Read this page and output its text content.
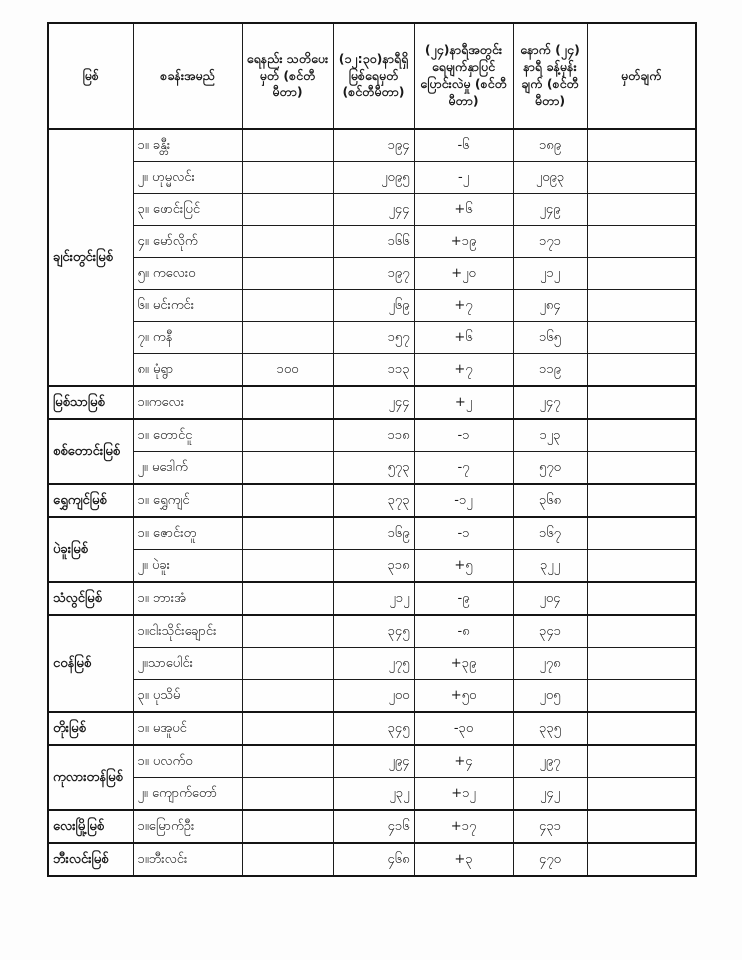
မြစ်	စခန်းအမည်	ရေနည်း သတိပေးမှတ် (စင်တီမီတာ)	(၁၂:၃၀)နာရီရှိ မြစ်ရေမှတ် (စင်တီမီတာ)	(၂၄)နာရီအတွင်း ရေမျက်နှာပြင် ပြောင်းလဲမှု (စင်တီမီတာ)	နောက် (၂၄) နာရီ ခန့်မှန်းချက် (စင်တီမီတာ)	မှတ်ချက်
ချင်းတွင်းမြစ်	၁။ ခန္တီး		၁၉၄	-၆	၁၈၉	
	၂။ ဟုမ္မလင်း		၂၀၉၅	-၂	၂၀၉၃	
	၃။ ဖောင်းပြင်		၂၄၄	+၆	၂၄၉	
	၄။ မော်လိုက်		၁၆၆	+၁၉	၁၇၁	
	၅။ ကလေးဝ		၁၉၇	+၂၀	၂၁၂	
	၆။ မင်းကင်း		၂၆၉	+၇	၂၈၄	
	၇။ ကနီ		၁၅၇	+၆	၁၆၅	
	၈။ မုံရွာ	၁၀၀	၁၁၃	+၇	၁၁၉	
မြစ်သာမြစ်	၁။ကလေး		၂၄၄	+၂	၂၄၇	
စစ်တောင်းမြစ်	၁။ တောင်ငူ		၁၁၈	-၁	၁၂၃	
	၂။ မဒေါက်		၅၇၃	-၇	၅၇၀	
ရွှေကျင်မြစ်	၁။ ရွှေကျင်		၃၇၃	-၁၂	၃၆၈	
ပဲခူးမြစ်	၁။ ဇောင်းတူ		၁၆၉	-၁	၁၆၇	
	၂။ ပဲခူး		၃၁၈	+၅	၃၂၂	
သံလွင်မြစ်	၁။ ဘားအံ		၂၁၂	-၉	၂၀၄	
ငဝန်မြစ်	၁။ငါးသိုင်းချောင်း		၃၄၅	-၈	၃၄၁	
	၂။သာပေါင်း		၂၇၅	+၃၉	၂၇၈	
	၃။ ပုသိမ်		၂၀၀	+၅၀	၂၀၅	
တိုးမြစ်	၁။ မအူပင်		၃၄၅	-၃၀	၃၃၅	
ကုလားတန်မြစ်	၁။ ပလက်ဝ		၂၉၄	+၄	၂၉၇	
	၂။ ကျောက်တော်		၂၃၂	+၁၂	၂၄၂	
လေးမြို့မြစ်	၁။မြောက်ဦး		၄၁၆	+၁၇	၄၃၁	
ဘီးလင်းမြစ်	၁။ဘီးလင်း		၄၆၈	+၃	၄၇၀	
